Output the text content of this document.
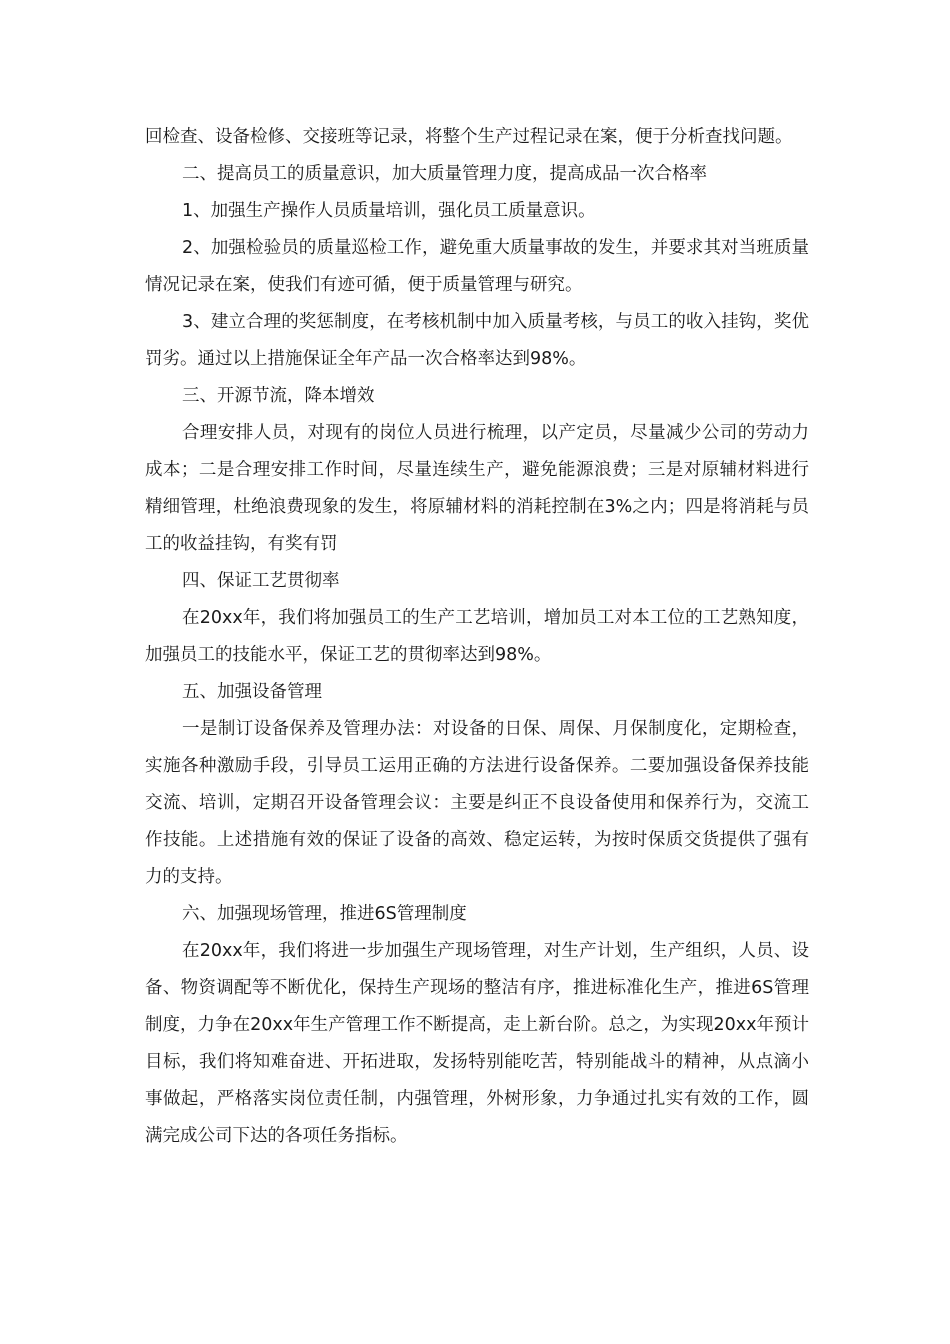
回检查、设备检修、交接班等记录，将整个生产过程记录在案，便于分析查找问题。

二、提高员工的质量意识，加大质量管理力度，提高成品一次合格率

1、加强生产操作人员质量培训，强化员工质量意识。

2、加强检验员的质量巡检工作，避免重大质量事故的发生，并要求其对当班质量情况记录在案，使我们有迹可循，便于质量管理与研究。

3、建立合理的奖惩制度，在考核机制中加入质量考核，与员工的收入挂钩，奖优罚劣。通过以上措施保证全年产品一次合格率达到98%。

三、开源节流，降本增效

合理安排人员，对现有的岗位人员进行梳理，以产定员，尽量减少公司的劳动力成本；二是合理安排工作时间，尽量连续生产，避免能源浪费；三是对原辅材料进行精细管理，杜绝浪费现象的发生，将原辅材料的消耗控制在3%之内；四是将消耗与员工的收益挂钩，有奖有罚

四、保证工艺贯彻率

在20xx年，我们将加强员工的生产工艺培训，增加员工对本工位的工艺熟知度，加强员工的技能水平，保证工艺的贯彻率达到98%。

五、加强设备管理

一是制订设备保养及管理办法：对设备的日保、周保、月保制度化，定期检查，实施各种激励手段，引导员工运用正确的方法进行设备保养。二要加强设备保养技能交流、培训，定期召开设备管理会议：主要是纠正不良设备使用和保养行为，交流工作技能。上述措施有效的保证了设备的高效、稳定运转，为按时保质交货提供了强有力的支持。

六、加强现场管理，推进6S管理制度

在20xx年，我们将进一步加强生产现场管理，对生产计划，生产组织，人员、设备、物资调配等不断优化，保持生产现场的整洁有序，推进标准化生产，推进6S管理制度，力争在20xx年生产管理工作不断提高，走上新台阶。总之，为实现20xx年预计目标，我们将知难奋进、开拓进取，发扬特别能吃苦，特别能战斗的精神，从点滴小事做起，严格落实岗位责任制，内强管理，外树形象，力争通过扎实有效的工作，圆满完成公司下达的各项任务指标。
